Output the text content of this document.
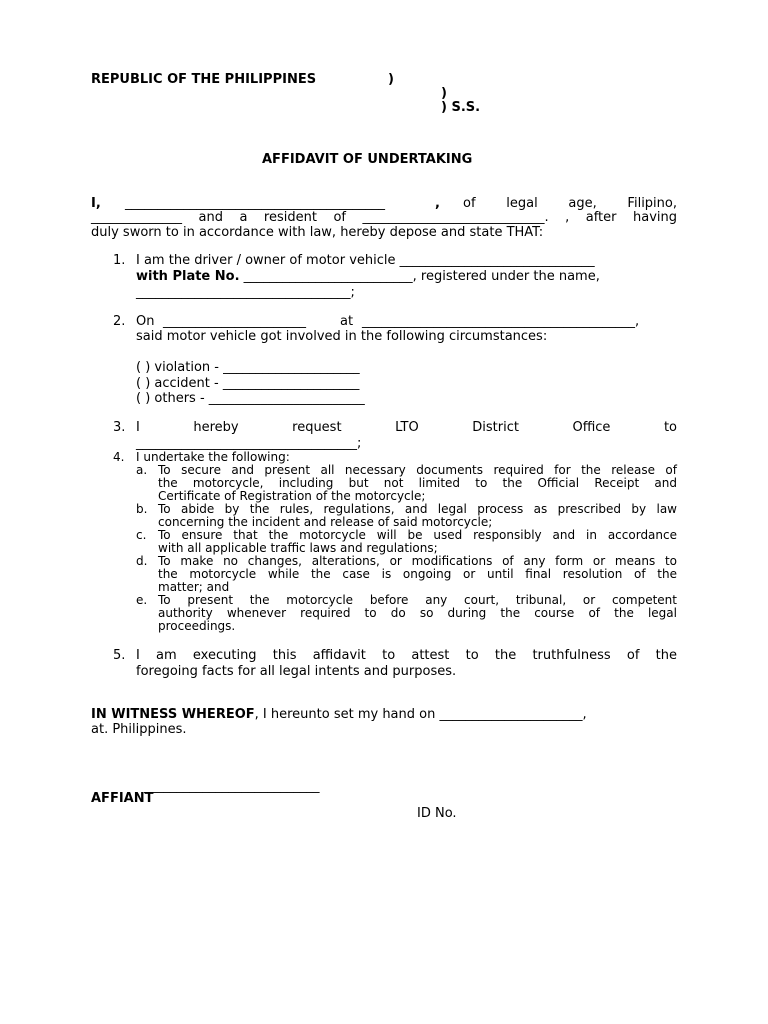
REPUBLIC OF THE PHILIPPINES	)
)
) S.S.
AFFIDAVIT OF UNDERTAKING
I, ________________________________________	, of legal age, Filipino,
______________ and a resident of ____________________________. , after having
duly sworn to in accordance with law, hereby depose and state THAT:
1. I am the driver / owner of motor vehicle ______________________________
with Plate No. __________________________, registered under the name,
_________________________________;
2. On ______________________	at __________________________________________,
said motor vehicle got involved in the following circumstances:
( ) violation - _____________________
( ) accident - _____________________
( ) others - ________________________
3. I hereby request LTO District Office to
__________________________________;
4. I undertake the following:
a. To secure and present all necessary documents required for the release of
the motorcycle, including but not limited to the Official Receipt and
Certificate of Registration of the motorcycle;
b. To abide by the rules, regulations, and legal process as prescribed by law
concerning the incident and release of said motorcycle;
c. To ensure that the motorcycle will be used responsibly and in accordance
with all applicable traffic laws and regulations;
d. To make no changes, alterations, or modifications of any form or means to
the motorcycle while the case is ongoing or until final resolution of the
matter; and
e. To present the motorcycle before any court, tribunal, or competent
authority whenever required to do so during the course of the legal
proceedings.
5. I am executing this affidavit to attest to the truthfulness of the
foregoing facts for all legal intents and purposes.
IN WITNESS WHEREOF, I hereunto set my hand on ______________________,
at. Philippines.
___________________________
AFFIANT
ID No.
